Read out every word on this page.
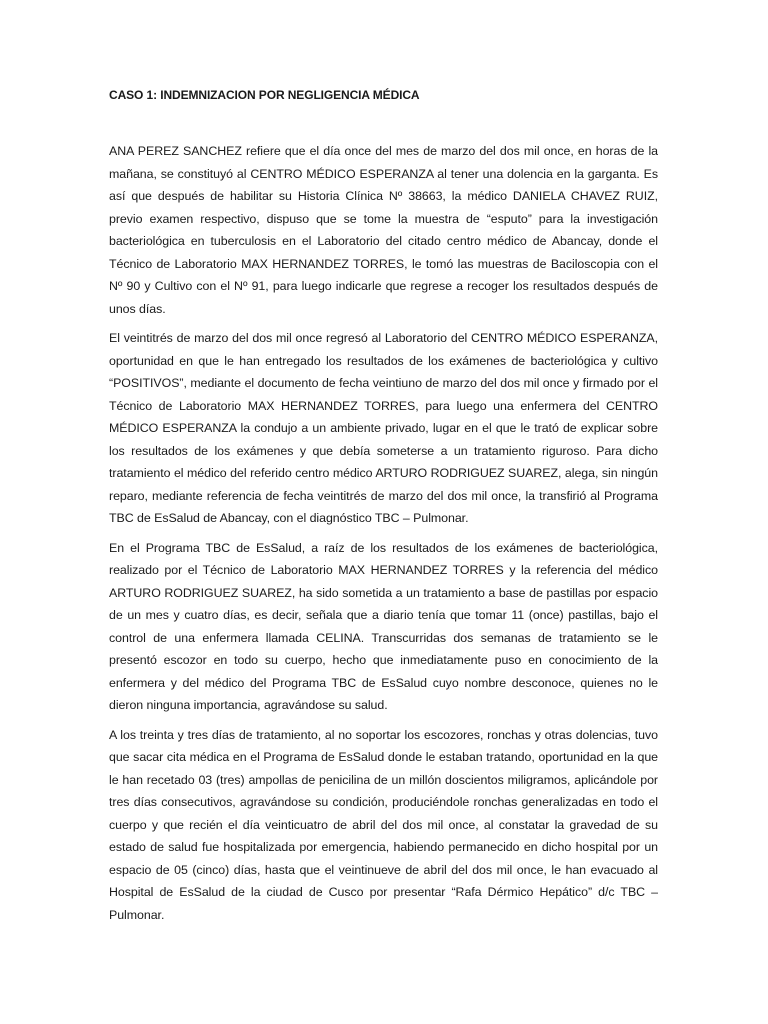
CASO 1: INDEMNIZACION POR NEGLIGENCIA MÉDICA

ANA PEREZ SANCHEZ refiere que el día once del mes de marzo del dos mil once, en horas de la mañana, se constituyó al CENTRO MÉDICO ESPERANZA al tener una dolencia en la garganta. Es así que después de habilitar su Historia Clínica Nº 38663, la médico DANIELA CHAVEZ RUIZ, previo examen respectivo, dispuso que se tome la muestra de “esputo” para la investigación bacteriológica en tuberculosis en el Laboratorio del citado centro médico de Abancay, donde el Técnico de Laboratorio MAX HERNANDEZ TORRES, le tomó las muestras de Baciloscopia con el Nº 90 y Cultivo con el Nº 91, para luego indicarle que regrese a recoger los resultados después de unos días.

El veintitrés de marzo del dos mil once regresó al Laboratorio del CENTRO MÉDICO ESPERANZA, oportunidad en que le han entregado los resultados de los exámenes de bacteriológica y cultivo “POSITIVOS”, mediante el documento de fecha veintiuno de marzo del dos mil once y firmado por el Técnico de Laboratorio MAX HERNANDEZ TORRES, para luego una enfermera del CENTRO MÉDICO ESPERANZA la condujo a un ambiente privado, lugar en el que le trató de explicar sobre los resultados de los exámenes y que debía someterse a un tratamiento riguroso. Para dicho tratamiento el médico del referido centro médico ARTURO RODRIGUEZ SUAREZ, alega, sin ningún reparo, mediante referencia de fecha veintitrés de marzo del dos mil once, la transfirió al Programa TBC de EsSalud de Abancay, con el diagnóstico TBC – Pulmonar.

En el Programa TBC de EsSalud, a raíz de los resultados de los exámenes de bacteriológica, realizado por el Técnico de Laboratorio MAX HERNANDEZ TORRES y la referencia del médico ARTURO RODRIGUEZ SUAREZ, ha sido sometida a un tratamiento a base de pastillas por espacio de un mes y cuatro días, es decir, señala que a diario tenía que tomar 11 (once) pastillas, bajo el control de una enfermera llamada CELINA. Transcurridas dos semanas de tratamiento se le presentó escozor en todo su cuerpo, hecho que inmediatamente puso en conocimiento de la enfermera y del médico del Programa TBC de EsSalud cuyo nombre desconoce, quienes no le dieron ninguna importancia, agravándose su salud.

A los treinta y tres días de tratamiento, al no soportar los escozores, ronchas y otras dolencias, tuvo que sacar cita médica en el Programa de EsSalud donde le estaban tratando, oportunidad en la que le han recetado 03 (tres) ampollas de penicilina de un millón doscientos miligramos, aplicándole por tres días consecutivos, agravándose su condición, produciéndole ronchas generalizadas en todo el cuerpo y que recién el día veinticuatro de abril del dos mil once, al constatar la gravedad de su estado de salud fue hospitalizada por emergencia, habiendo permanecido en dicho hospital por un espacio de 05 (cinco) días, hasta que el veintinueve de abril del dos mil once, le han evacuado al Hospital de EsSalud de la ciudad de Cusco por presentar “Rafa Dérmico Hepático” d/c TBC – Pulmonar.
